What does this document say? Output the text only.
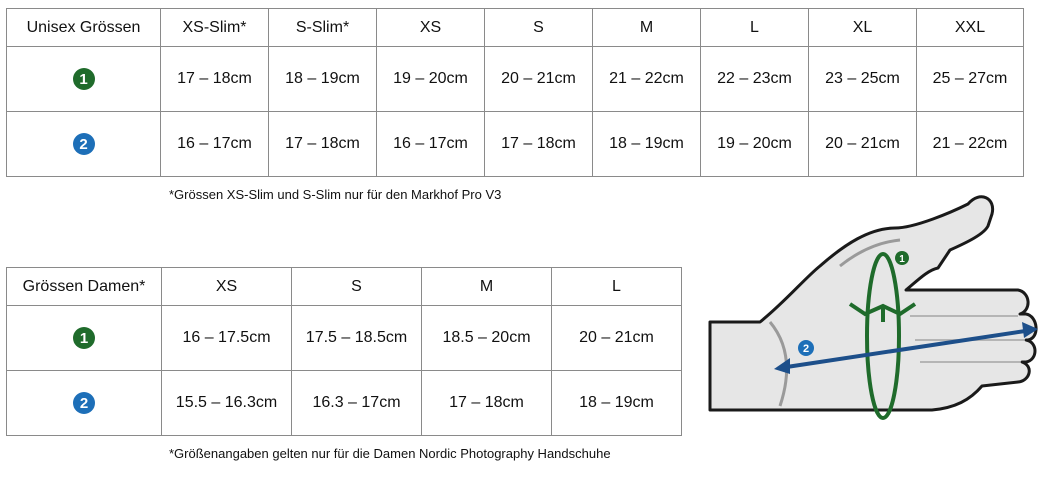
Unisex Grössen	XS-Slim*	S-Slim*	XS	S	M	L	XL	XXL
1	17 – 18cm	18 – 19cm	19 – 20cm	20 – 21cm	21 – 22cm	22 – 23cm	23 – 25cm	25 – 27cm
2	16 – 17cm	17 – 18cm	16 – 17cm	17 – 18cm	18 – 19cm	19 – 20cm	20 – 21cm	21 – 22cm
*Grössen XS-Slim und S-Slim nur für den Markhof Pro V3
Grössen Damen*	XS	S	M	L
1	16 – 17.5cm	17.5 – 18.5cm	18.5 – 20cm	20 – 21cm
2	15.5 – 16.3cm	16.3 – 17cm	17 – 18cm	18 – 19cm
*Größenangaben gelten nur für die Damen Nordic Photography Handschuhe
1
2
